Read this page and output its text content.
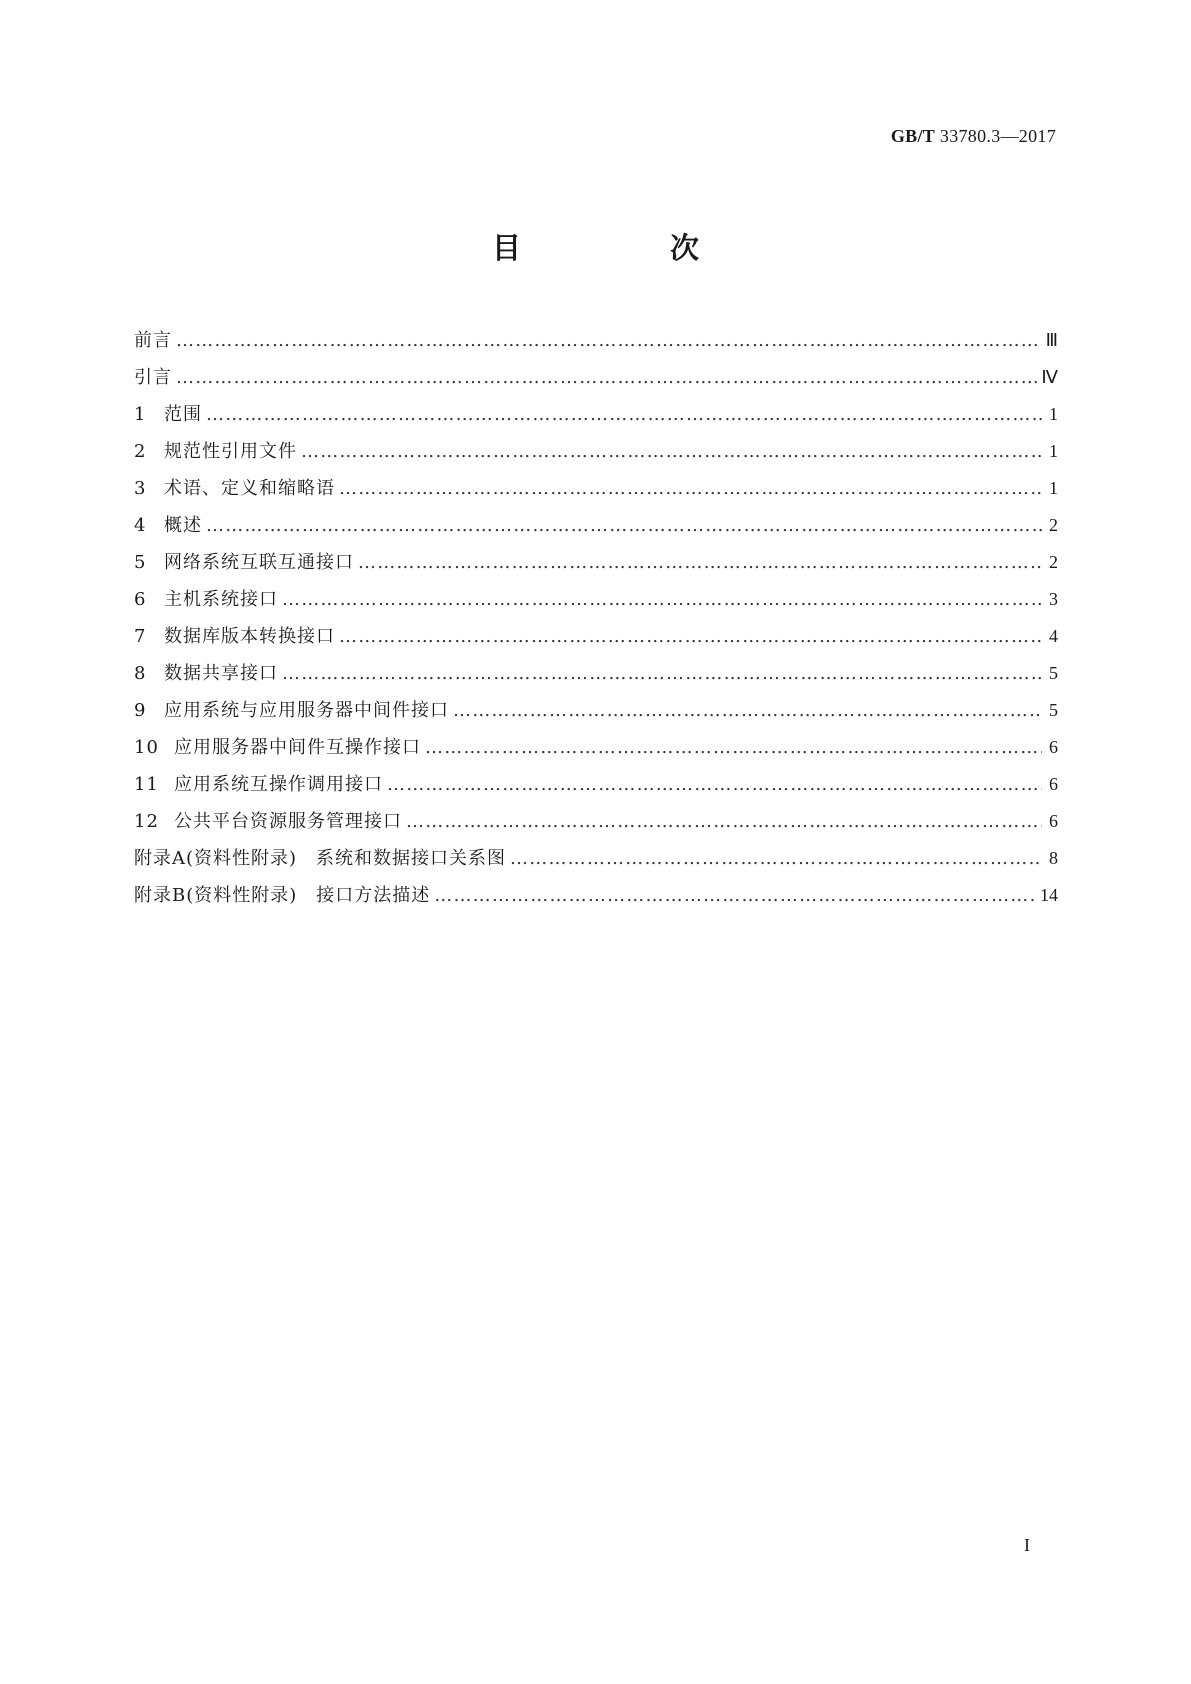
GB/T 33780.3—2017
目　次
前言 ……………………………………………………………………………………………………………………………………………………………………………………………………………………	Ⅲ
引言 ……………………………………………………………………………………………………………………………………………………………………………………………………………………	Ⅳ
1 范围 ……………………………………………………………………………………………………………………………………………………………………………………………………………………	1
2 规范性引用文件 ……………………………………………………………………………………………………………………………………………………………………………………………………………………	1
3 术语、定义和缩略语 ……………………………………………………………………………………………………………………………………………………………………………………………………………………	1
4 概述 ……………………………………………………………………………………………………………………………………………………………………………………………………………………	2
5 网络系统互联互通接口 ……………………………………………………………………………………………………………………………………………………………………………………………………………………	2
6 主机系统接口 ……………………………………………………………………………………………………………………………………………………………………………………………………………………	3
7 数据库版本转换接口 ……………………………………………………………………………………………………………………………………………………………………………………………………………………	4
8 数据共享接口 ……………………………………………………………………………………………………………………………………………………………………………………………………………………	5
9 应用系统与应用服务器中间件接口 ……………………………………………………………………………………………………………………………………………………………………………………………………………………	5
10 应用服务器中间件互操作接口 ……………………………………………………………………………………………………………………………………………………………………………………………………………………	6
11 应用系统互操作调用接口 ……………………………………………………………………………………………………………………………………………………………………………………………………………………	6
12 公共平台资源服务管理接口 ……………………………………………………………………………………………………………………………………………………………………………………………………………………	6
附录A(资料性附录)　系统和数据接口关系图 ……………………………………………………………………………………………………………………………………………………………………………………………………………………	8
附录B(资料性附录)　接口方法描述 ……………………………………………………………………………………………………………………………………………………………………………………………………………………	14
I
